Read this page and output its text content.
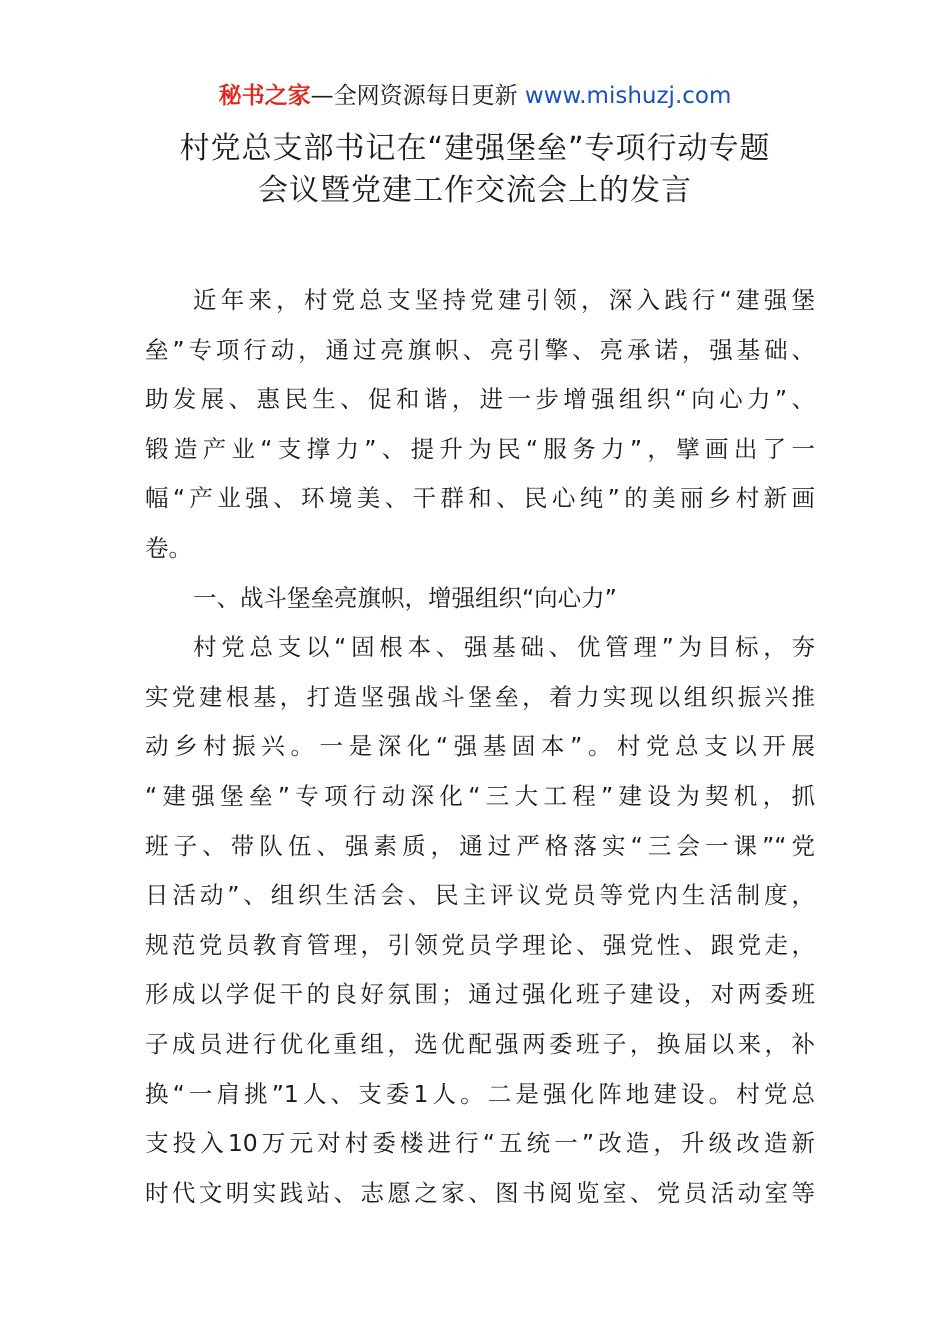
秘书之家—全网资源每日更新 www.mishuzj.com
村党总支部书记在“建强堡垒”专项行动专题
会议暨党建工作交流会上的发言
近年来，村党总支坚持党建引领，深入践行“建强堡
垒”专项行动，通过亮旗帜、亮引擎、亮承诺，强基础、
助发展、惠民生、促和谐，进一步增强组织“向心力”、
锻造产业“支撑力”、提升为民“服务力”，擘画出了一
幅“产业强、环境美、干群和、民心纯”的美丽乡村新画
卷。
一、战斗堡垒亮旗帜，增强组织“向心力”
村党总支以“固根本、强基础、优管理”为目标，夯
实党建根基，打造坚强战斗堡垒，着力实现以组织振兴推
动乡村振兴。一是深化“强基固本”。村党总支以开展
“建强堡垒”专项行动深化“三大工程”建设为契机，抓
班子、带队伍、强素质，通过严格落实“三会一课”“党
日活动”、组织生活会、民主评议党员等党内生活制度，
规范党员教育管理，引领党员学理论、强党性、跟党走，
形成以学促干的良好氛围；通过强化班子建设，对两委班
子成员进行优化重组，选优配强两委班子，换届以来，补
换“一肩挑”1人、支委1人。二是强化阵地建设。村党总
支投入10万元对村委楼进行“五统一”改造，升级改造新
时代文明实践站、志愿之家、图书阅览室、党员活动室等
